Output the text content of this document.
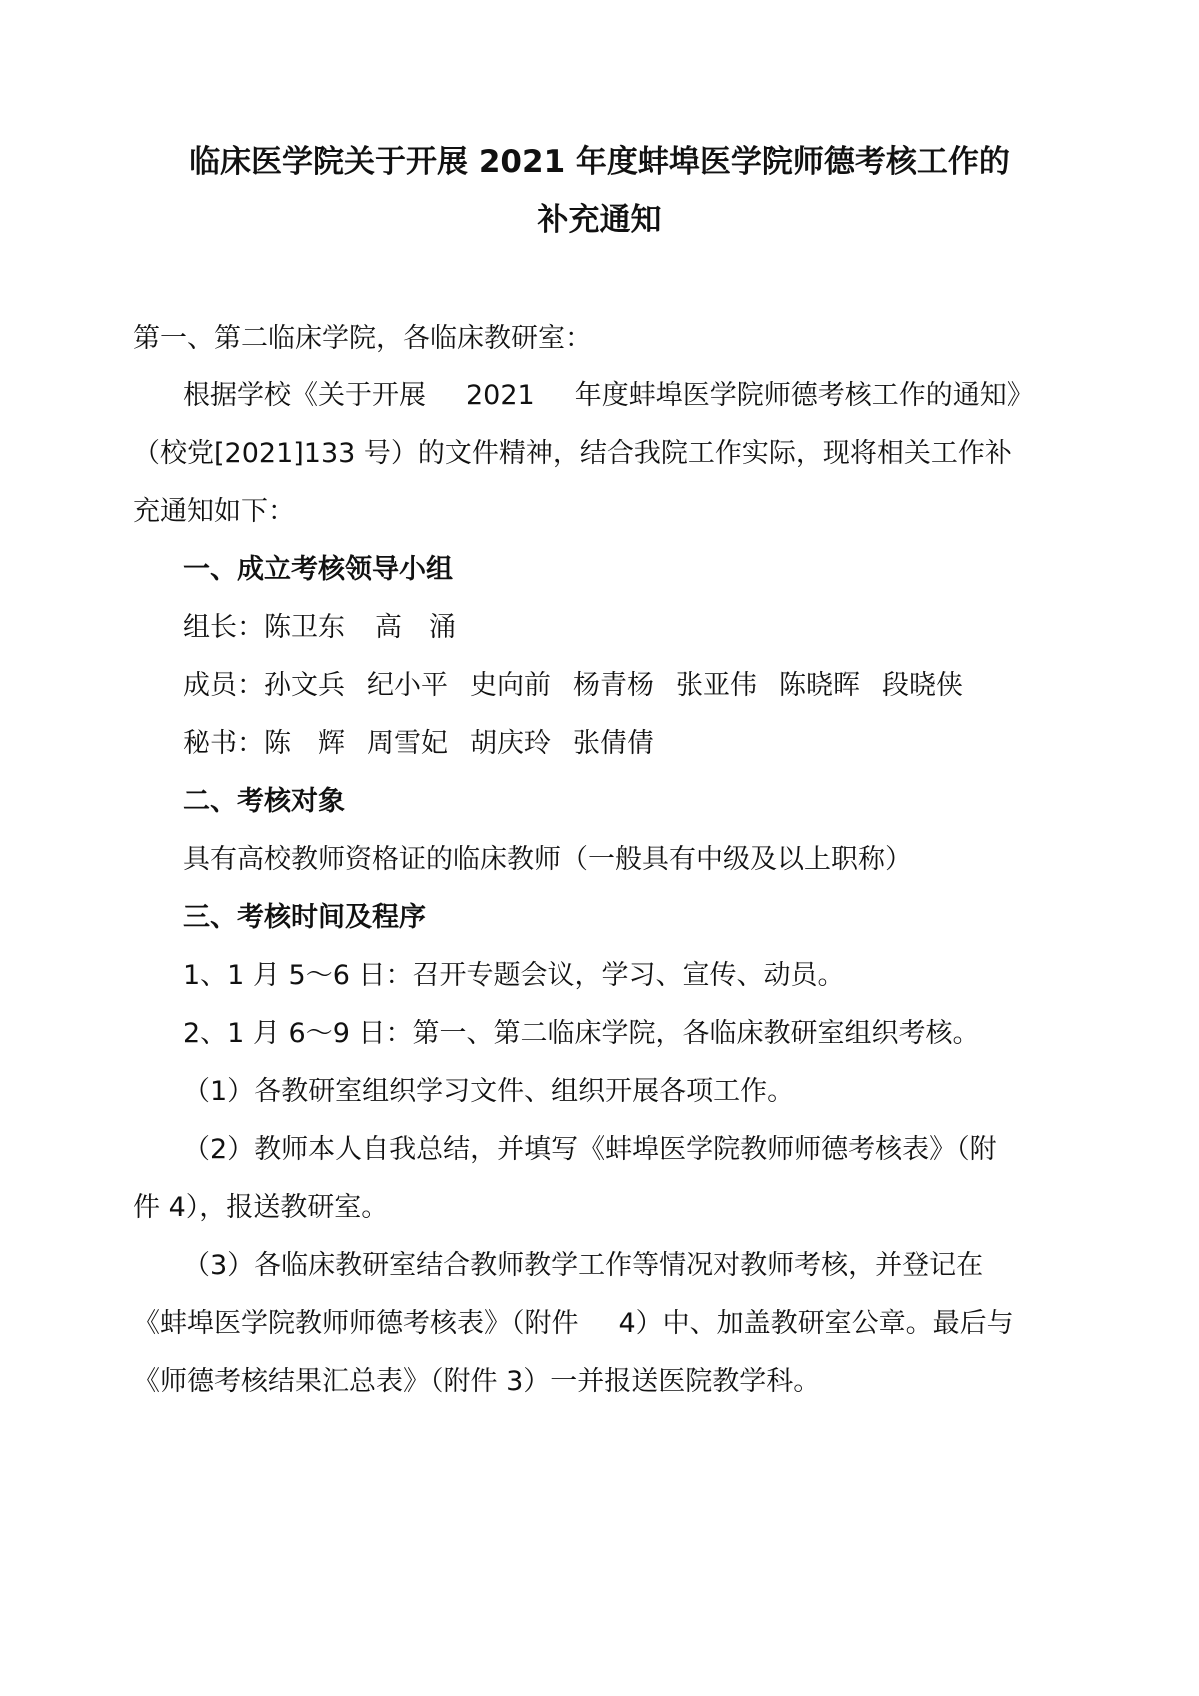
临床医学院关于开展 2021 年度蚌埠医学院师德考核工作的
补充通知
第一、第二临床学院，各临床教研室：
根据学校《关于开展 2021 年度蚌埠医学院师德考核工作的通知》
（校党[2021]133 号）的文件精神，结合我院工作实际，现将相关工作补
充通知如下：
一、成立考核领导小组
组长：陈卫东 高　涌
成员：孙文兵 纪小平 史向前 杨青杨 张亚伟 陈晓晖 段晓侠
秘书：陈　辉 周雪妃 胡庆玲 张倩倩
二、考核对象
具有高校教师资格证的临床教师（一般具有中级及以上职称）
三、考核时间及程序
1、1 月 5～6 日：召开专题会议，学习、宣传、动员。
2、1 月 6～9 日：第一、第二临床学院，各临床教研室组织考核。
（1）各教研室组织学习文件、组织开展各项工作。
（2）教师本人自我总结，并填写《蚌埠医学院教师师德考核表》（附
件 4），报送教研室。
（3）各临床教研室结合教师教学工作等情况对教师考核，并登记在
《蚌埠医学院教师师德考核表》（附件 4）中、加盖教研室公章。最后与
《师德考核结果汇总表》（附件 3）一并报送医院教学科。
